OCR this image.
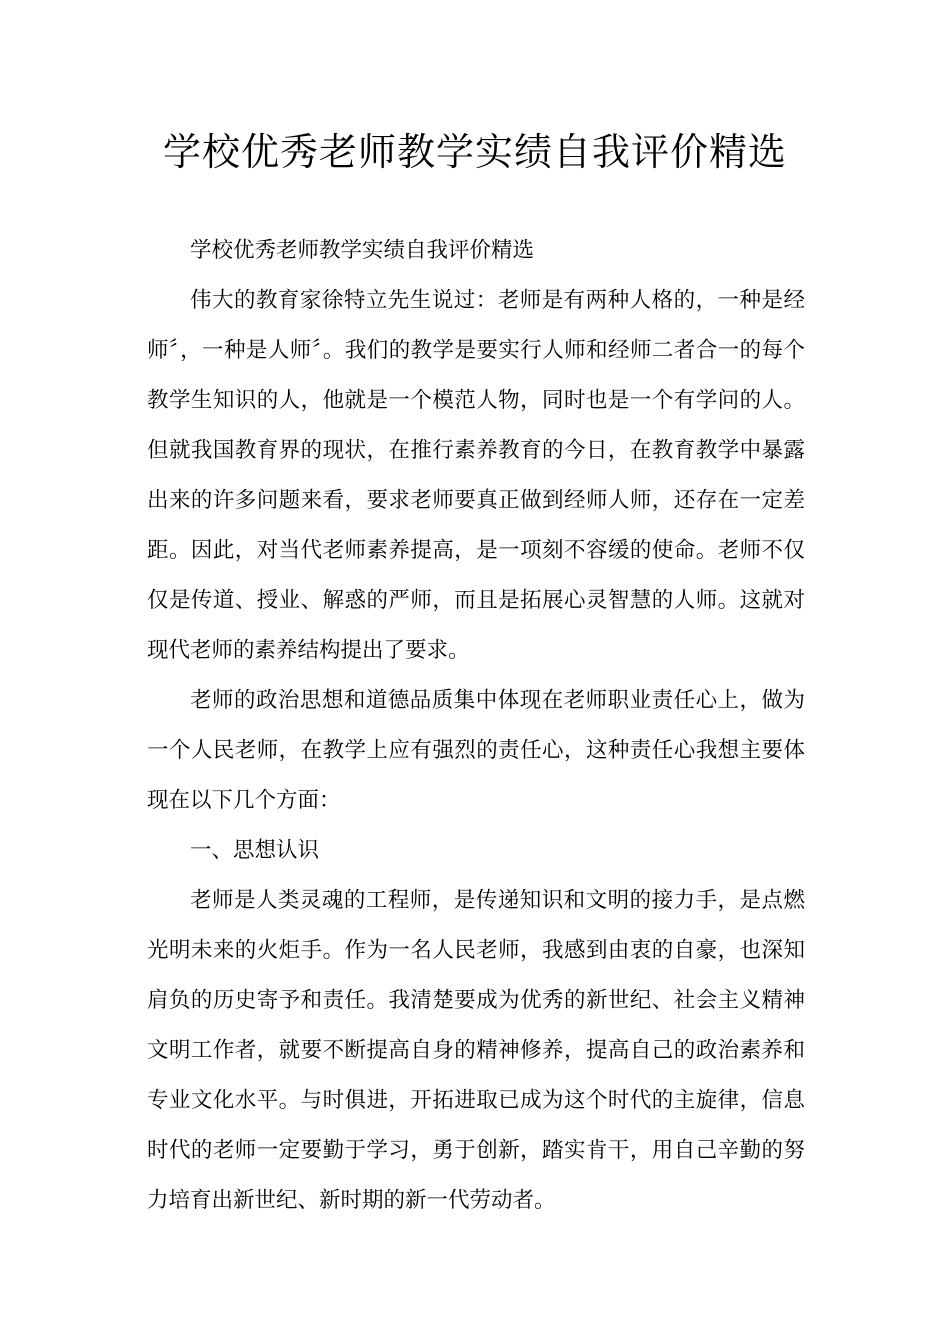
学校优秀老师教学实绩自我评价精选

学校优秀老师教学实绩自我评价精选

伟大的教育家徐特立先生说过：老师是有两种人格的，一种是经师〞，一种是人师〞。我们的教学是要实行人师和经师二者合一的每个教学生知识的人，他就是一个模范人物，同时也是一个有学问的人。但就我国教育界的现状，在推行素养教育的今日，在教育教学中暴露出来的许多问题来看，要求老师要真正做到经师人师，还存在一定差距。因此，对当代老师素养提高，是一项刻不容缓的使命。老师不仅仅是传道、授业、解惑的严师，而且是拓展心灵智慧的人师。这就对现代老师的素养结构提出了要求。

老师的政治思想和道德品质集中体现在老师职业责任心上，做为一个人民老师，在教学上应有强烈的责任心，这种责任心我想主要体现在以下几个方面：

一、思想认识

老师是人类灵魂的工程师，是传递知识和文明的接力手，是点燃光明未来的火炬手。作为一名人民老师，我感到由衷的自豪，也深知肩负的历史寄予和责任。我清楚要成为优秀的新世纪、社会主义精神文明工作者，就要不断提高自身的精神修养，提高自己的政治素养和专业文化水平。与时俱进，开拓进取已成为这个时代的主旋律，信息时代的老师一定要勤于学习，勇于创新，踏实肯干，用自己辛勤的努力培育出新世纪、新时期的新一代劳动者。
